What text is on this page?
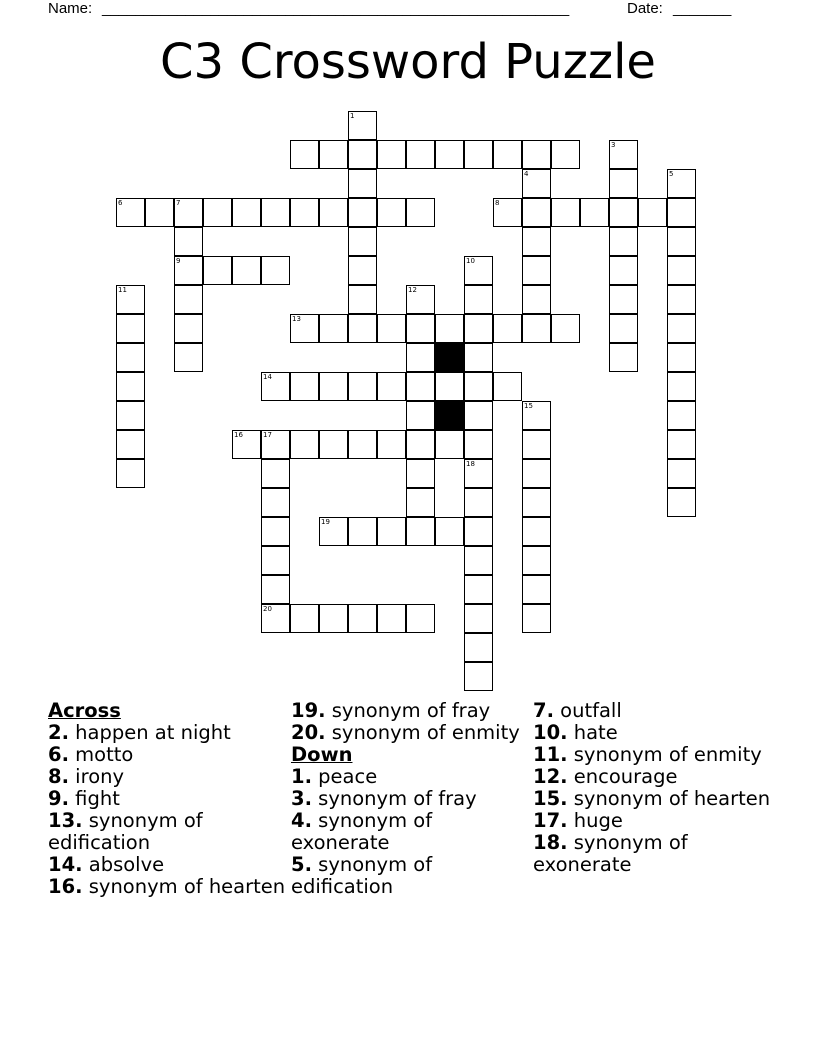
Name: ________________________________________________________	Date: _______
C3 Crossword Puzzle
1
6	7	8
9
3
4	5
11
10
12
13
14
15
16	17
20
18
19
Across
2. happen at night
6. motto
8. irony
9. fight
13. synonym of edification
14. absolve
16. synonym of hearten
19. synonym of fray
20. synonym of enmity
Down
1. peace
3. synonym of fray
4. synonym of exonerate
5. synonym of edification
7. outfall
10. hate
11. synonym of enmity
12. encourage
15. synonym of hearten
17. huge
18. synonym of exonerate
